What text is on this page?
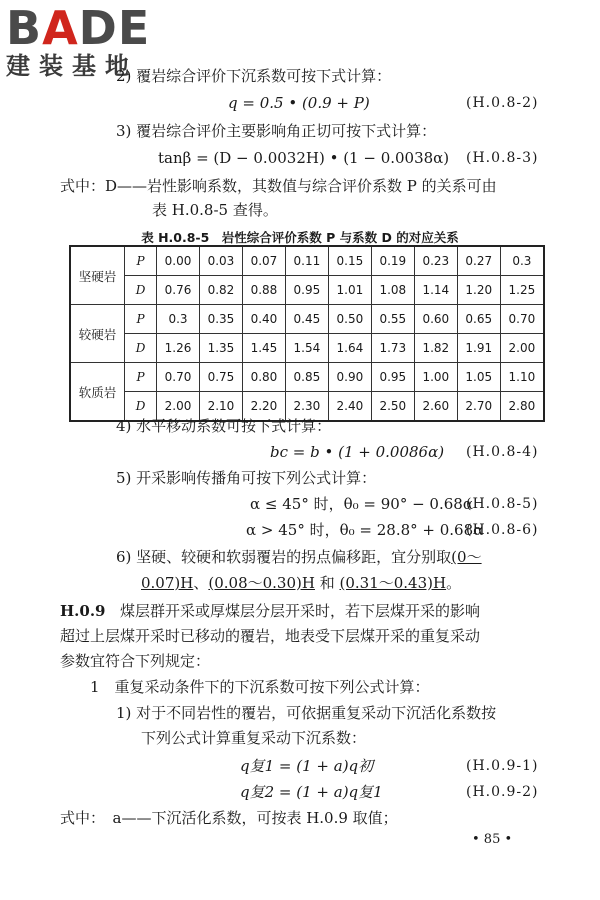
BADE
建装基地
2) 覆岩综合评价下沉系数可按下式计算：
q = 0.5 • (0.9 + P)	(H.0.8-2)
3) 覆岩综合评价主要影响角正切可按下式计算：
tanβ = (D − 0.0032H) • (1 − 0.0038α) (H.0.8-3)
式中：D——岩性影响系数，其数值与综合评价系数 P 的关系可由
表 H.0.8-5 查得。
表 H.0.8-5　岩性综合评价系数 P 与系数 D 的对应关系
坚硬岩	P	0.00	0.03	0.07	0.11	0.15	0.19	0.23	0.27	0.3
	D	0.76	0.82	0.88	0.95	1.01	1.08	1.14	1.20	1.25
较硬岩	P	0.3	0.35	0.40	0.45	0.50	0.55	0.60	0.65	0.70
	D	1.26	1.35	1.45	1.54	1.64	1.73	1.82	1.91	2.00
软质岩	P	0.70	0.75	0.80	0.85	0.90	0.95	1.00	1.05	1.10
	D	2.00	2.10	2.20	2.30	2.40	2.50	2.60	2.70	2.80
4) 水平移动系数可按下式计算：
bc = b • (1 + 0.0086α) (H.0.8-4)
5) 开采影响传播角可按下列公式计算：
α ≤ 45° 时，θ₀ = 90° − 0.68α
(H.0.8-5)
α > 45° 时，θ₀ = 28.8° + 0.68α
(H.0.8-6)
6) 坚硬、较硬和软弱覆岩的拐点偏移距，宜分别取(0～
0.07)H、(0.08～0.30)H 和 (0.31～0.43)H。
H.0.9 煤层群开采或厚煤层分层开采时，若下层煤开采的影响
超过上层煤开采时已移动的覆岩，地表受下层煤开采的重复采动
参数宜符合下列规定：
1　重复采动条件下的下沉系数可按下列公式计算：
1) 对于不同岩性的覆岩，可依据重复采动下沉活化系数按
下列公式计算重复采动下沉系数：
q复1 = (1 + a)q初	(H.0.9-1)
q复2 = (1 + a)q复1	(H.0.9-2)
式中：　a——下沉活化系数，可按表 H.0.9 取值；
• 85 •
